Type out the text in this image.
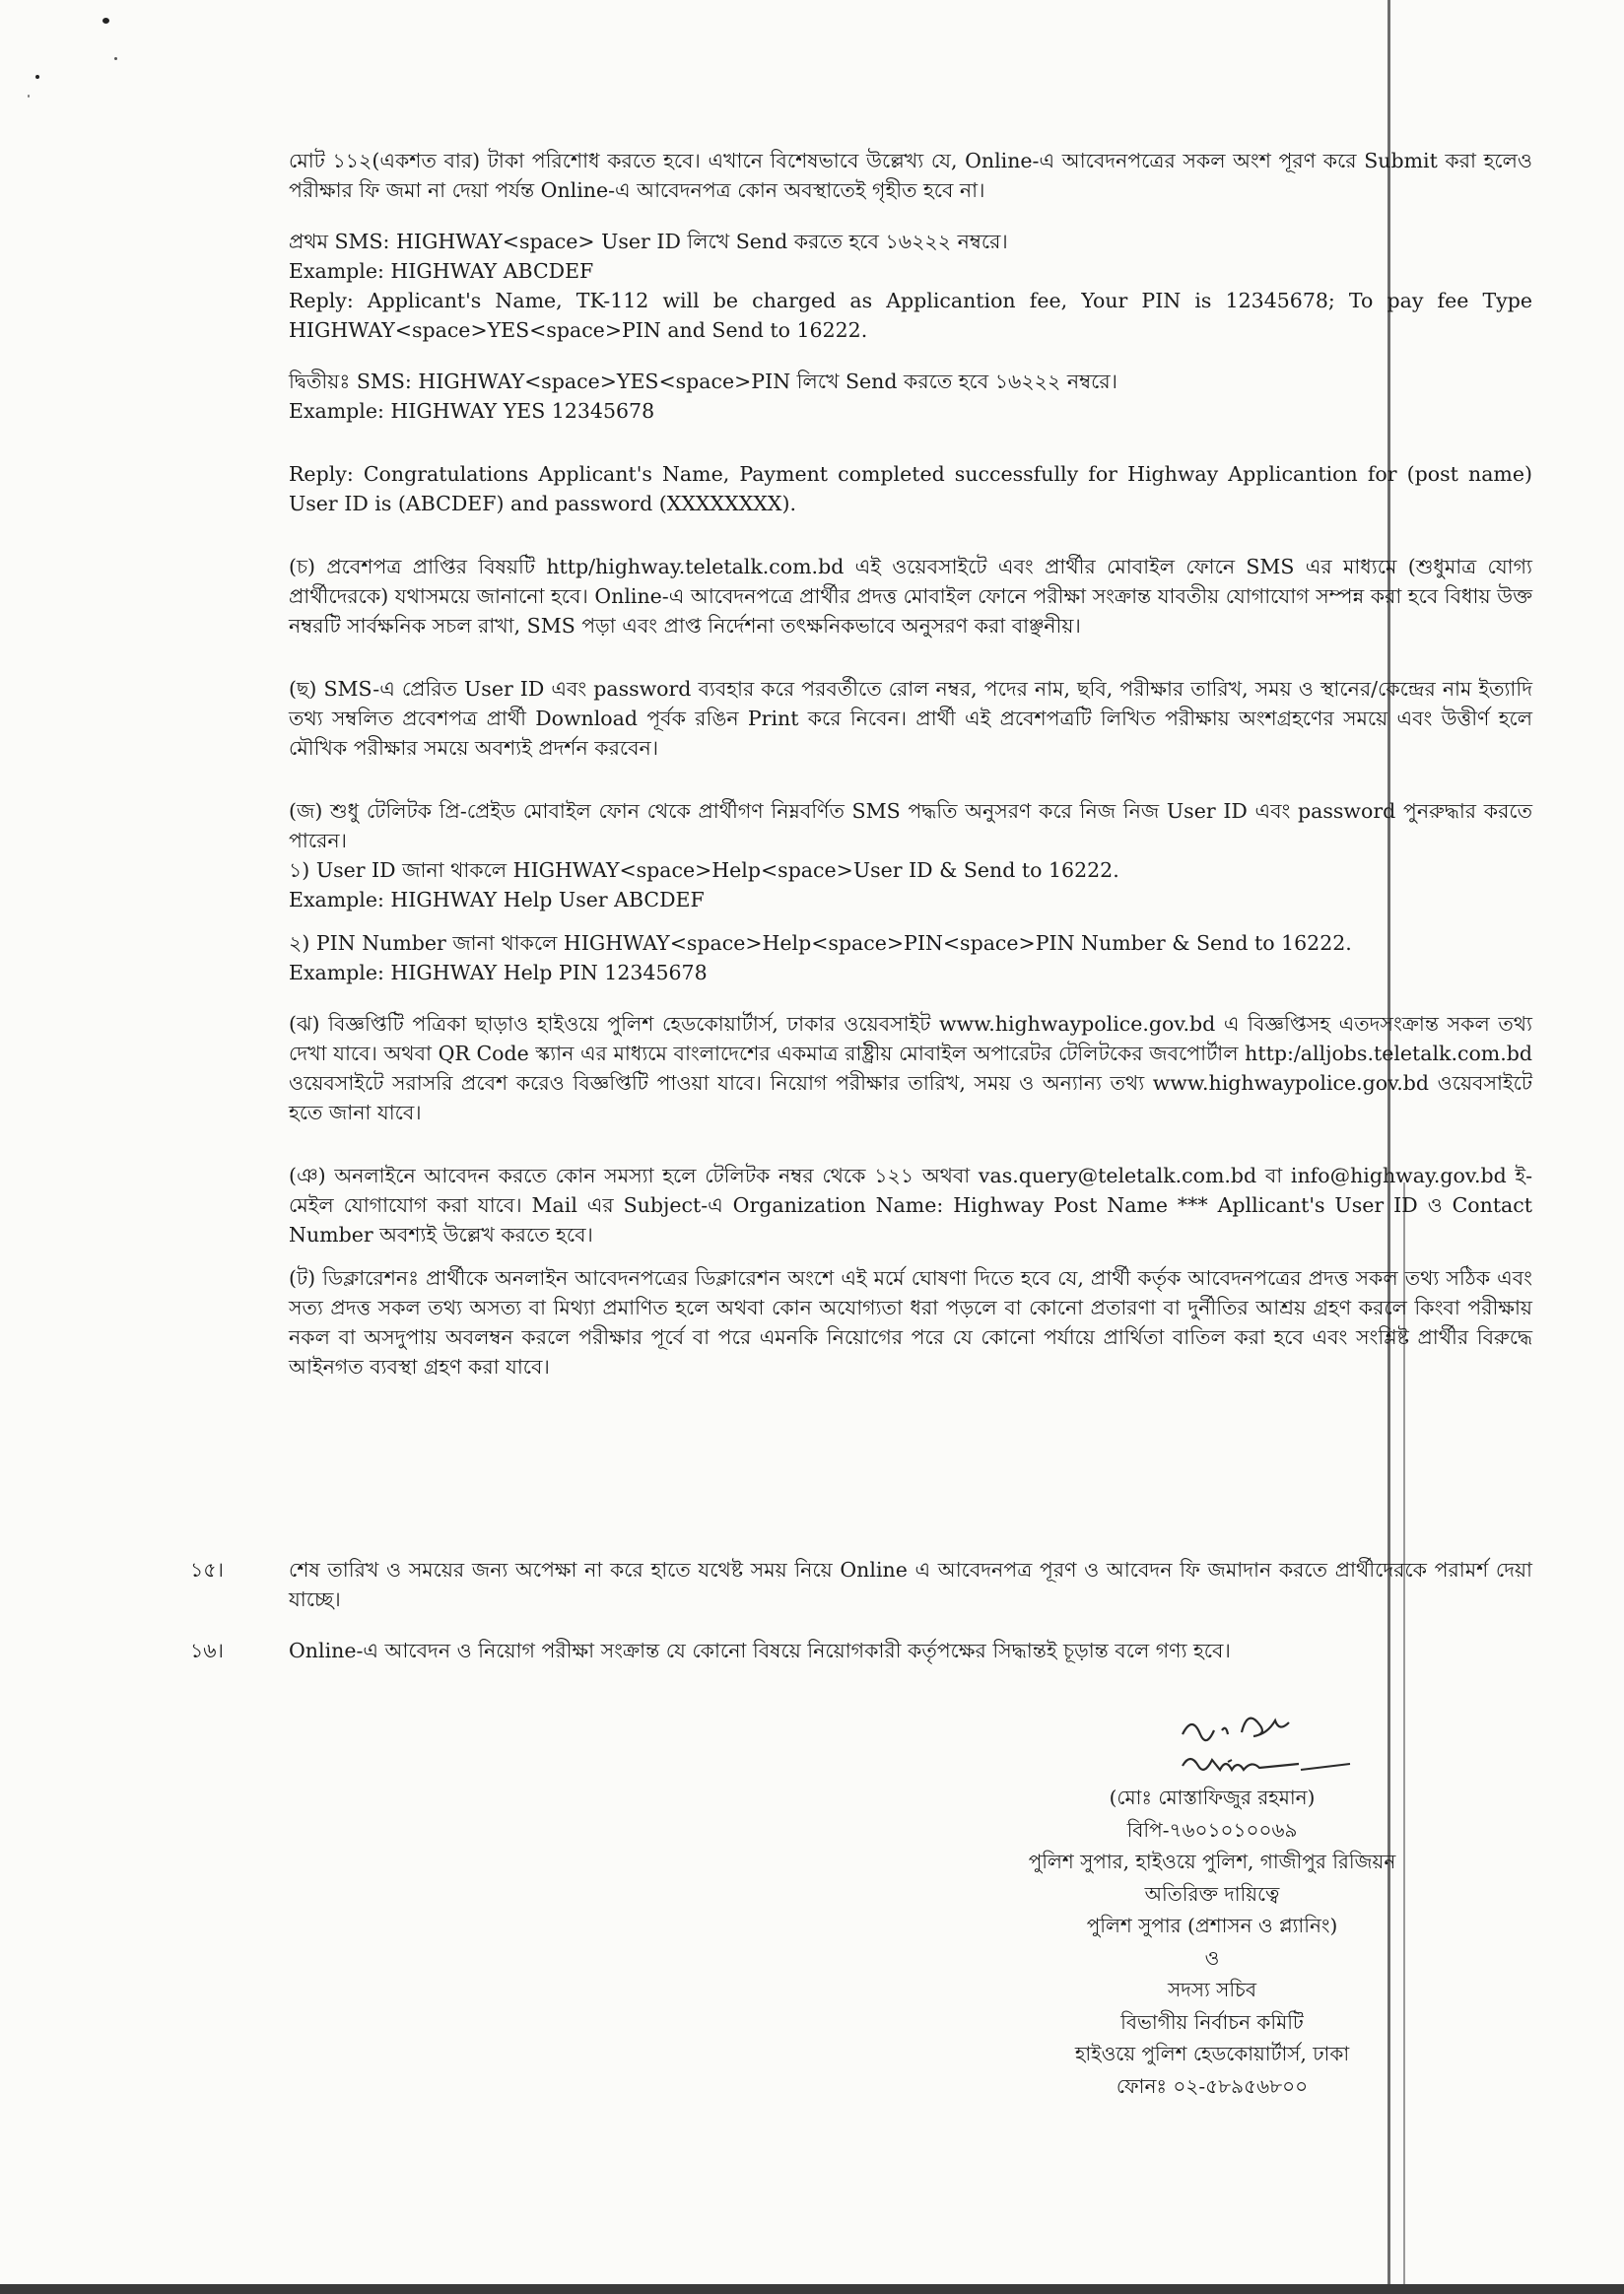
মোট ১১২(একশত বার) টাকা পরিশোধ করতে হবে। এখানে বিশেষভাবে উল্লেখ্য যে, Online-এ আবেদনপত্রের সকল অংশ পূরণ করে Submit করা হলেও পরীক্ষার ফি জমা না দেয়া পর্যন্ত Online-এ আবেদনপত্র কোন অবস্থাতেই গৃহীত হবে না।

প্রথম SMS: HIGHWAY<space> User ID লিখে Send করতে হবে ১৬২২২ নম্বরে।

Example: HIGHWAY ABCDEF

Reply: Applicant's Name, TK-112 will be charged as Applicantion fee, Your PIN is 12345678; To pay fee Type HIGHWAY<space>YES<space>PIN and Send to 16222.

দ্বিতীয়ঃ SMS: HIGHWAY<space>YES<space>PIN লিখে Send করতে হবে ১৬২২২ নম্বরে।

Example: HIGHWAY YES 12345678

Reply: Congratulations Applicant's Name, Payment completed successfully for Highway Applicantion for (post name) User ID is (ABCDEF) and password (XXXXXXXX).

(চ) প্রবেশপত্র প্রাপ্তির বিষয়টি http/highway.teletalk.com.bd এই ওয়েবসাইটে এবং প্রার্থীর মোবাইল ফোনে SMS এর মাধ্যমে (শুধুমাত্র যোগ্য প্রার্থীদেরকে) যথাসময়ে জানানো হবে। Online-এ আবেদনপত্রে প্রার্থীর প্রদত্ত মোবাইল ফোনে পরীক্ষা সংক্রান্ত যাবতীয় যোগাযোগ সম্পন্ন করা হবে বিধায় উক্ত নম্বরটি সার্বক্ষনিক সচল রাখা, SMS পড়া এবং প্রাপ্ত নির্দেশনা তৎক্ষনিকভাবে অনুসরণ করা বাঞ্ছনীয়।

(ছ) SMS-এ প্রেরিত User ID এবং password ব্যবহার করে পরবর্তীতে রোল নম্বর, পদের নাম, ছবি, পরীক্ষার তারিখ, সময় ও স্থানের/কেন্দ্রের নাম ইত্যাদি তথ্য সম্বলিত প্রবেশপত্র প্রার্থী Download পূর্বক রঙিন Print করে নিবেন। প্রার্থী এই প্রবেশপত্রটি লিখিত পরীক্ষায় অংশগ্রহণের সময়ে এবং উত্তীর্ণ হলে মৌখিক পরীক্ষার সময়ে অবশ্যই প্রদর্শন করবেন।

(জ) শুধু টেলিটক প্রি-প্রেইড মোবাইল ফোন থেকে প্রার্থীগণ নিম্নবর্ণিত SMS পদ্ধতি অনুসরণ করে নিজ নিজ User ID এবং password পুনরুদ্ধার করতে পারেন।

১) User ID জানা থাকলে HIGHWAY<space>Help<space>User ID & Send to 16222.

Example: HIGHWAY Help User ABCDEF

২) PIN Number জানা থাকলে HIGHWAY<space>Help<space>PIN<space>PIN Number & Send to 16222.

Example: HIGHWAY Help PIN 12345678

(ঝ) বিজ্ঞপ্তিটি পত্রিকা ছাড়াও হাইওয়ে পুলিশ হেডকোয়ার্টার্স, ঢাকার ওয়েবসাইট www.highwaypolice.gov.bd এ বিজ্ঞপ্তিসহ এতদসংক্রান্ত সকল তথ্য দেখা যাবে। অথবা QR Code স্ক্যান এর মাধ্যমে বাংলাদেশের একমাত্র রাষ্ট্রীয় মোবাইল অপারেটর টেলিটকের জবপোর্টাল http:/alljobs.teletalk.com.bd ওয়েবসাইটে সরাসরি প্রবেশ করেও বিজ্ঞপ্তিটি পাওয়া যাবে। নিয়োগ পরীক্ষার তারিখ, সময় ও অন্যান্য তথ্য www.highwaypolice.gov.bd ওয়েবসাইটে হতে জানা যাবে।

(ঞ) অনলাইনে আবেদন করতে কোন সমস্যা হলে টেলিটক নম্বর থেকে ১২১ অথবা vas.query@teletalk.com.bd বা info@highway.gov.bd ই-মেইল যোগাযোগ করা যাবে। Mail এর Subject-এ Organization Name: Highway Post Name *** Apllicant's User ID ও Contact Number অবশ্যই উল্লেখ করতে হবে।

(ট) ডিক্লারেশনঃ প্রার্থীকে অনলাইন আবেদনপত্রের ডিক্লারেশন অংশে এই মর্মে ঘোষণা দিতে হবে যে, প্রার্থী কর্তৃক আবেদনপত্রের প্রদত্ত সকল তথ্য সঠিক এবং সত্য প্রদত্ত সকল তথ্য অসত্য বা মিথ্যা প্রমাণিত হলে অথবা কোন অযোগ্যতা ধরা পড়লে বা কোনো প্রতারণা বা দুর্নীতির আশ্রয় গ্রহণ করলে কিংবা পরীক্ষায় নকল বা অসদুপায় অবলম্বন করলে পরীক্ষার পূর্বে বা পরে এমনকি নিয়োগের পরে যে কোনো পর্যায়ে প্রার্থিতা বাতিল করা হবে এবং সংশ্লিষ্ট প্রার্থীর বিরুদ্ধে আইনগত ব্যবস্থা গ্রহণ করা যাবে।

১৫।	শেষ তারিখ ও সময়ের জন্য অপেক্ষা না করে হাতে যথেষ্ট সময় নিয়ে Online এ আবেদনপত্র পূরণ ও আবেদন ফি জমাদান করতে প্রার্থীদেরকে পরামর্শ দেয়া যাচ্ছে।
১৬।	Online-এ আবেদন ও নিয়োগ পরীক্ষা সংক্রান্ত যে কোনো বিষয়ে নিয়োগকারী কর্তৃপক্ষের সিদ্ধান্তই চূড়ান্ত বলে গণ্য হবে।
(মোঃ মোস্তাফিজুর রহমান)
বিপি-৭৬০১০১০০৬৯
পুলিশ সুপার, হাইওয়ে পুলিশ, গাজীপুর রিজিয়ন
অতিরিক্ত দায়িত্বে
পুলিশ সুপার (প্রশাসন ও প্ল্যানিং)
ও
সদস্য সচিব
বিভাগীয় নির্বাচন কমিটি
হাইওয়ে পুলিশ হেডকোয়ার্টার্স, ঢাকা
ফোনঃ ০২-৫৮৯৫৬৮০০
